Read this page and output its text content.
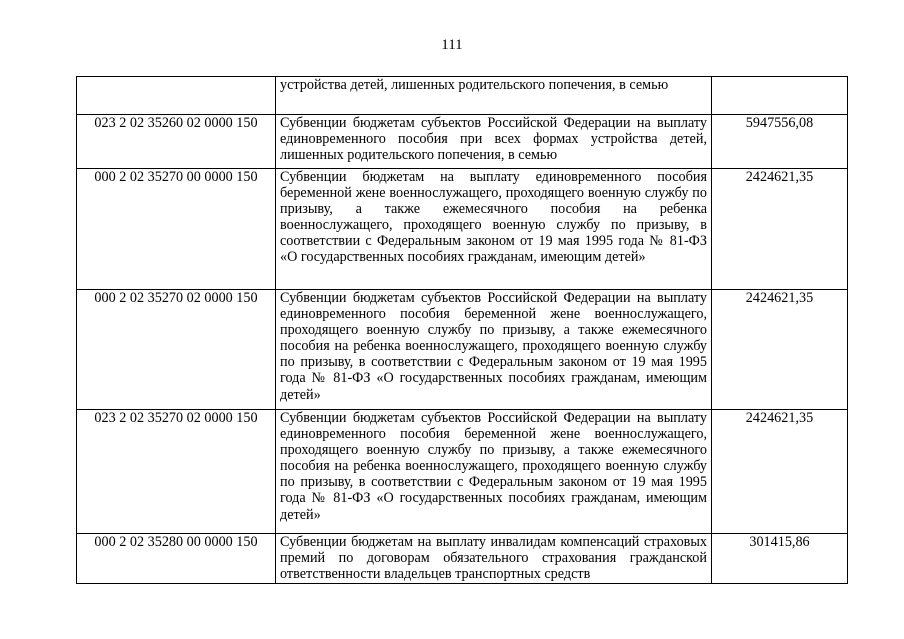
111

	устройства детей, лишенных родительского попечения, в семью	

023 2 02 35260 02 0000 150	Субвенции бюджетам субъектов Российской Федерации на выплату единовременного пособия при всех формах устройства детей, лишенных родительского попечения, в семью	5947556,08
000 2 02 35270 00 0000 150	Субвенции бюджетам на выплату единовременного пособия беременной жене военнослужащего, проходящего военную службу по призыву, а также ежемесячного пособия на ребенка военнослужащего, проходящего военную службу по призыву, в соответствии с Федеральным законом от 19 мая 1995 года № 81-ФЗ «О государственных пособиях гражданам, имеющим детей»	2424621,35
000 2 02 35270 02 0000 150	Субвенции бюджетам субъектов Российской Федерации на выплату единовременного пособия беременной жене военнослужащего, проходящего военную службу по призыву, а также ежемесячного пособия на ребенка военнослужащего, проходящего военную службу по призыву, в соответствии с Федеральным законом от 19 мая 1995 года № 81-ФЗ «О государственных пособиях гражданам, имеющим детей»	2424621,35
023 2 02 35270 02 0000 150	Субвенции бюджетам субъектов Российской Федерации на выплату единовременного пособия беременной жене военнослужащего, проходящего военную службу по призыву, а также ежемесячного пособия на ребенка военнослужащего, проходящего военную службу по призыву, в соответствии с Федеральным законом от 19 мая 1995 года № 81-ФЗ «О государственных пособиях гражданам, имеющим детей»	2424621,35
000 2 02 35280 00 0000 150	Субвенции бюджетам на выплату инвалидам компенсаций страховых премий по договорам обязательного страхования гражданской ответственности владельцев транспортных средств	301415,86
